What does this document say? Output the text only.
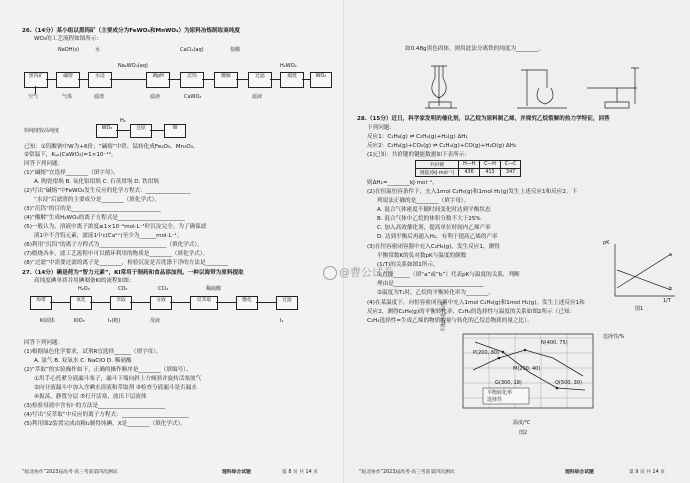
26.（14分）某小组以黑钨矿（主要成分为FeWO₄和MnWO₄）为原料冶炼制取高纯度
WO₃的工艺流程如图所示：
NaOH(s)	水
Na₂WO₄(aq)
CaCl₂(aq)	盐酸
H₂WO₄
黑钨矿	碱熔	水浸	调pH	沉钨	酸解	过滤	煅烧	WO₃
空气	气体	滤渣	滤液	CaWO₄	滤液
钨纯度较高纯度	WO₃	还原
H₂
W
已知：①钨酸钠中W为+6价；“碱熔”中铁、锰转化成Fe₂O₃、Mn₃O₄。
②常温下，Kₛₚ(CaWO₄)=1×10⁻¹⁰。
回答下列问题：
(1)“碱熔”宜选择________（填字母）。
A. 陶瓷坩埚 B. 氧化铝坩埚 C. 石英坩埚 D. 铁坩埚
(2)写出“碱熔”中FeWO₄发生反应的化学方程式：________________
“水浸”后滤渣的主要成分是________（填化学式）。
(3)“沉钨”的目的是________________________________
(4)“酸解”生成H₂WO₄的离子方程式是________________________
(5)一般认为，溶液中离子浓度≤1×10⁻⁵mol·L⁻¹时沉淀完全。为了确保滤
液1中不含钨元素，滤液1中c(Ca²⁺)至少为______mol·L⁻¹。
(6)利用“沉钨”的离子方程式为________________________（填化学式）。
(7)煅烧各步，滤工艺流程中可以循环利用的物质是________（填化学式）。
(8)“过滤”中需要过滤的离子是________，检验沉淀是否洗涤干净的方法是________
27.（14分）碘是荷为“智力元素”，KI常用于制药和食品添加剂。一种以海带为原料提取
高纯度碘单质并用碘制备KI的流程如图：
H₂O₂	CO₂	CCl₄	稀硫酸
海带	氧化	萃取	分液	反萃取	酸化	过滤
KI固体	KIO₃	I₂(粗)	母液	I₂
回答下列问题：
(1)根据绿色化学要求，试剂R宜选择______（填字母）。
A. 氯气 B. 双氧水 C. NaClO D. 稀硝酸
(2)“萃取”的实验操作如下，正确的操作顺序是________（填编号）。
①用手心托紧分液漏斗塞子，漏斗下端向斜上方倾斜并旋转活塞放气
②向分液漏斗中加入含碘水溶液和萃取剂 ③检查分液漏斗是否漏水
④振荡，静置分层 ⑤打开活塞，放出下层液体
(3)检验母液中含有I⁻的方法是________________________
(4)写出“反萃取”中反应的离子方程式：________________________
(5)利用图2装置完成由粗I₂制得纯碘，X是________（填化学式）。
“皖北协作”2023届高考·高三考前第四次测试	理科综合试题	第 8 页 共 14 页
如0.48g黑色固体，则用此法分离铁的纯度为________。
28.（15分）近日，科学家发明的催化剂，以乙烷为原料制乙烯，并探究乙烷裂解的热力学特征，回答
下列问题：
反应1：C₂H₆(g) ⇌ C₂H₄(g)+H₂(g) ΔH₁
反应2：C₂H₆(g)+CO₂(g) ⇌ C₂H₄(g)+CO(g)+H₂O(g) ΔH₂
(1)已知：共价键的键能数据如下表所示：
共价键	H—H	C—H	C—C
键能/(kJ·mol⁻¹)	436	413	347
则ΔH₁=________kJ·mol⁻¹。
(2)在恒温恒容条件下，充入1mol C₂H₆(g)和1mol H₂(g)发生上述反应1和反应2。下
列说法正确的是________（填字母）。
A. 混合气体密度不随时间变化时达到平衡状态
B. 混合气体中乙烷的体积分数不大于25%
C. 加入高效催化剂，提高单位时间内乙烯产率
D. 达到平衡后再通入H₂，有利于提高乙烯的产率
(3)在恒容密闭容器中充入C₂H₆(g)，发生反应1，测得
平衡常数K的负对数pK与温度的倒数
(1/T)的关系如图1所示。
①直线______（填“a”或“b”）代表pK与温度的关系，判断
理由是________________________________
②温度为T₁时，乙烷的平衡转化率为________。
(4)在某温度下，向恒容密闭容器中充入1mol C₂H₆(g)和1mol H₂(g)，发生上述反应1和
反应2，测得C₂H₆(g)的平衡转化率、C₂H₄的选择性与温度的关系如图2所示（已知：
C₂H₄选择性=生成乙烯的物质的量与转化的乙烷总物质的量之比）。
a
b
pK
1/T
图1
平衡转化率/%
P(200, 80)
N(400, 75)
M(200, 40)
Q(500, 30)
G(300, 18)
平衡转化率
选择性
选择性/%
温度/℃
图2
“皖北协作”2023届高考·高三考前第四次测试	理科综合试题	第 9 页 共 14 页
@曹公试卷
